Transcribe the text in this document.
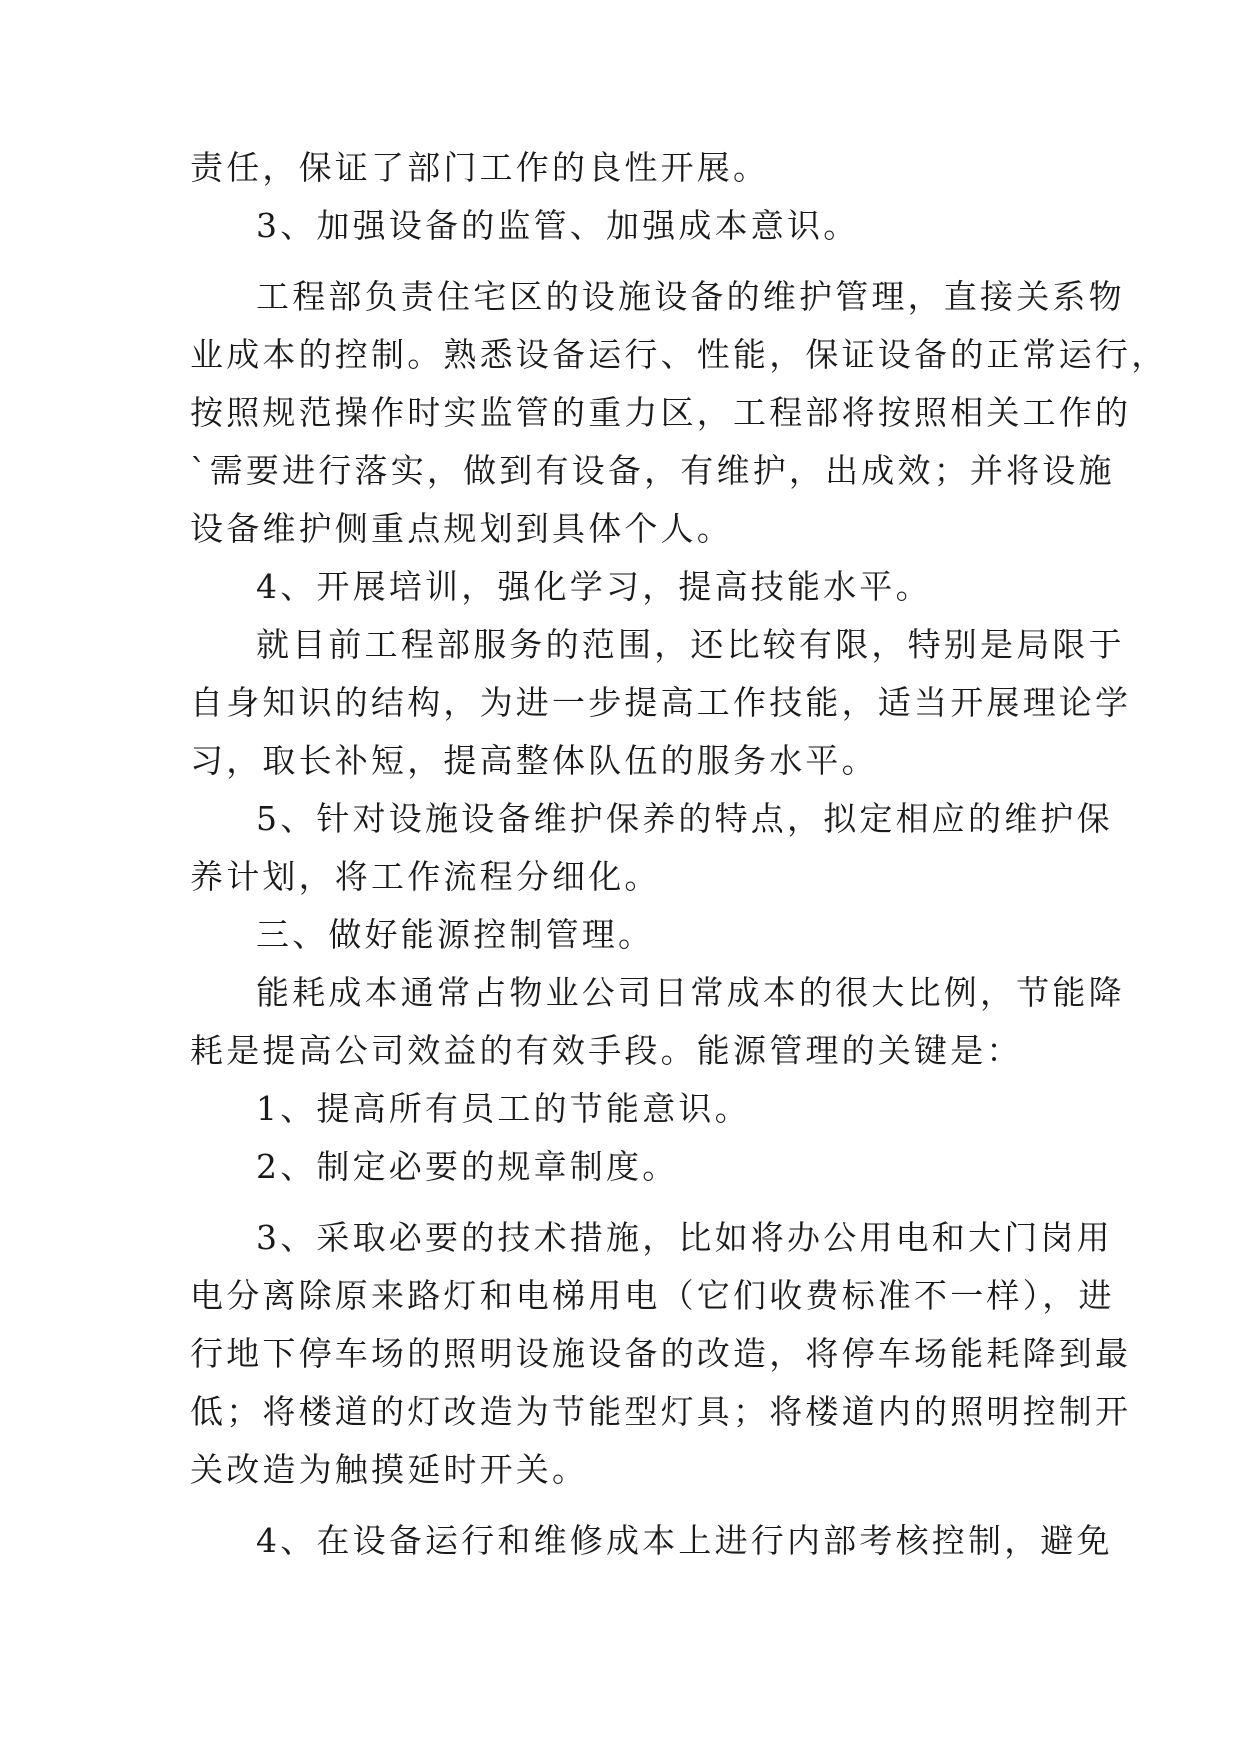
责任，保证了部门工作的良性开展。
3、加强设备的监管、加强成本意识。
工程部负责住宅区的设施设备的维护管理，直接关系物
业成本的控制。熟悉设备运行、性能，保证设备的正常运行，
按照规范操作时实监管的重力区，工程部将按照相关工作的
`需要进行落实，做到有设备，有维护，出成效；并将设施
设备维护侧重点规划到具体个人。
4、开展培训，强化学习，提高技能水平。
就目前工程部服务的范围，还比较有限，特别是局限于
自身知识的结构，为进一步提高工作技能，适当开展理论学
习，取长补短，提高整体队伍的服务水平。
5、针对设施设备维护保养的特点，拟定相应的维护保
养计划，将工作流程分细化。
三、做好能源控制管理。
能耗成本通常占物业公司日常成本的很大比例，节能降
耗是提高公司效益的有效手段。能源管理的关键是：
1、提高所有员工的节能意识。
2、制定必要的规章制度。
3、采取必要的技术措施，比如将办公用电和大门岗用
电分离除原来路灯和电梯用电（它们收费标准不一样），进
行地下停车场的照明设施设备的改造，将停车场能耗降到最
低；将楼道的灯改造为节能型灯具；将楼道内的照明控制开
关改造为触摸延时开关。
4、在设备运行和维修成本上进行内部考核控制，避免
